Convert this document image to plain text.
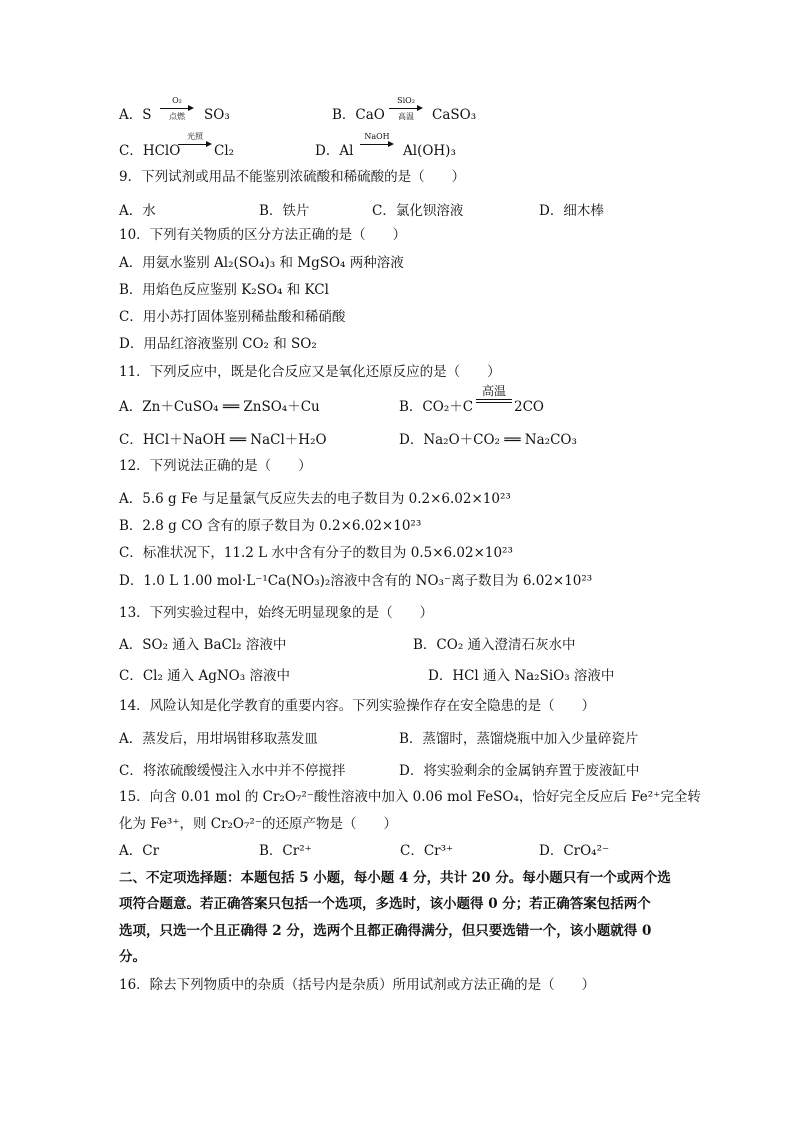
A．S
O₂
点燃	SO₃	B．CaO
SiO₂
高温	CaSO₃
C．HClO
光照
Cl₂	D．Al
NaOH
Al(OH)₃
9．下列试剂或用品不能鉴别浓硫酸和稀硫酸的是（　　）
A．水	B．铁片	C．氯化钡溶液	D．细木棒
10．下列有关物质的区分方法正确的是（　　）
A．用氨水鉴别 Al₂(SO₄)₃ 和 MgSO₄ 两种溶液
B．用焰色反应鉴别 K₂SO₄ 和 KCl
C．用小苏打固体鉴别稀盐酸和稀硝酸
D．用品红溶液鉴别 CO₂ 和 SO₂
11．下列反应中，既是化合反应又是氧化还原反应的是（　　）
A．Zn＋CuSO₄ ══ ZnSO₄＋Cu	B．CO₂＋C
高温
2CO
C．HCl＋NaOH ══ NaCl＋H₂O	D．Na₂O＋CO₂ ══ Na₂CO₃
12．下列说法正确的是（　　）
A．5.6 g Fe 与足量氯气反应失去的电子数目为 0.2×6.02×10²³
B．2.8 g CO 含有的原子数目为 0.2×6.02×10²³
C．标准状况下，11.2 L 水中含有分子的数目为 0.5×6.02×10²³
D．1.0 L 1.00 mol·L⁻¹Ca(NO₃)₂溶液中含有的 NO₃⁻离子数目为 6.02×10²³
13．下列实验过程中，始终无明显现象的是（　　）
A．SO₂ 通入 BaCl₂ 溶液中	B．CO₂ 通入澄清石灰水中
C．Cl₂ 通入 AgNO₃ 溶液中	D．HCl 通入 Na₂SiO₃ 溶液中
14．风险认知是化学教育的重要内容。下列实验操作存在安全隐患的是（　　）
A．蒸发后，用坩埚钳移取蒸发皿	B．蒸馏时，蒸馏烧瓶中加入少量碎瓷片
C．将浓硫酸缓慢注入水中并不停搅拌	D．将实验剩余的金属钠弃置于废液缸中
15．向含 0.01 mol 的 Cr₂O₇²⁻酸性溶液中加入 0.06 mol FeSO₄，恰好完全反应后 Fe²⁺完全转
化为 Fe³⁺，则 Cr₂O₇²⁻的还原产物是（　　）
A．Cr	B．Cr²⁺	C．Cr³⁺	D．CrO₄²⁻
二、不定项选择题：本题包括 5 小题，每小题 4 分，共计 20 分。每小题只有一个或两个选
项符合题意。若正确答案只包括一个选项，多选时，该小题得 0 分；若正确答案包括两个
选项，只选一个且正确得 2 分，选两个且都正确得满分，但只要选错一个，该小题就得 0
分。
16．除去下列物质中的杂质（括号内是杂质）所用试剂或方法正确的是（　　）
